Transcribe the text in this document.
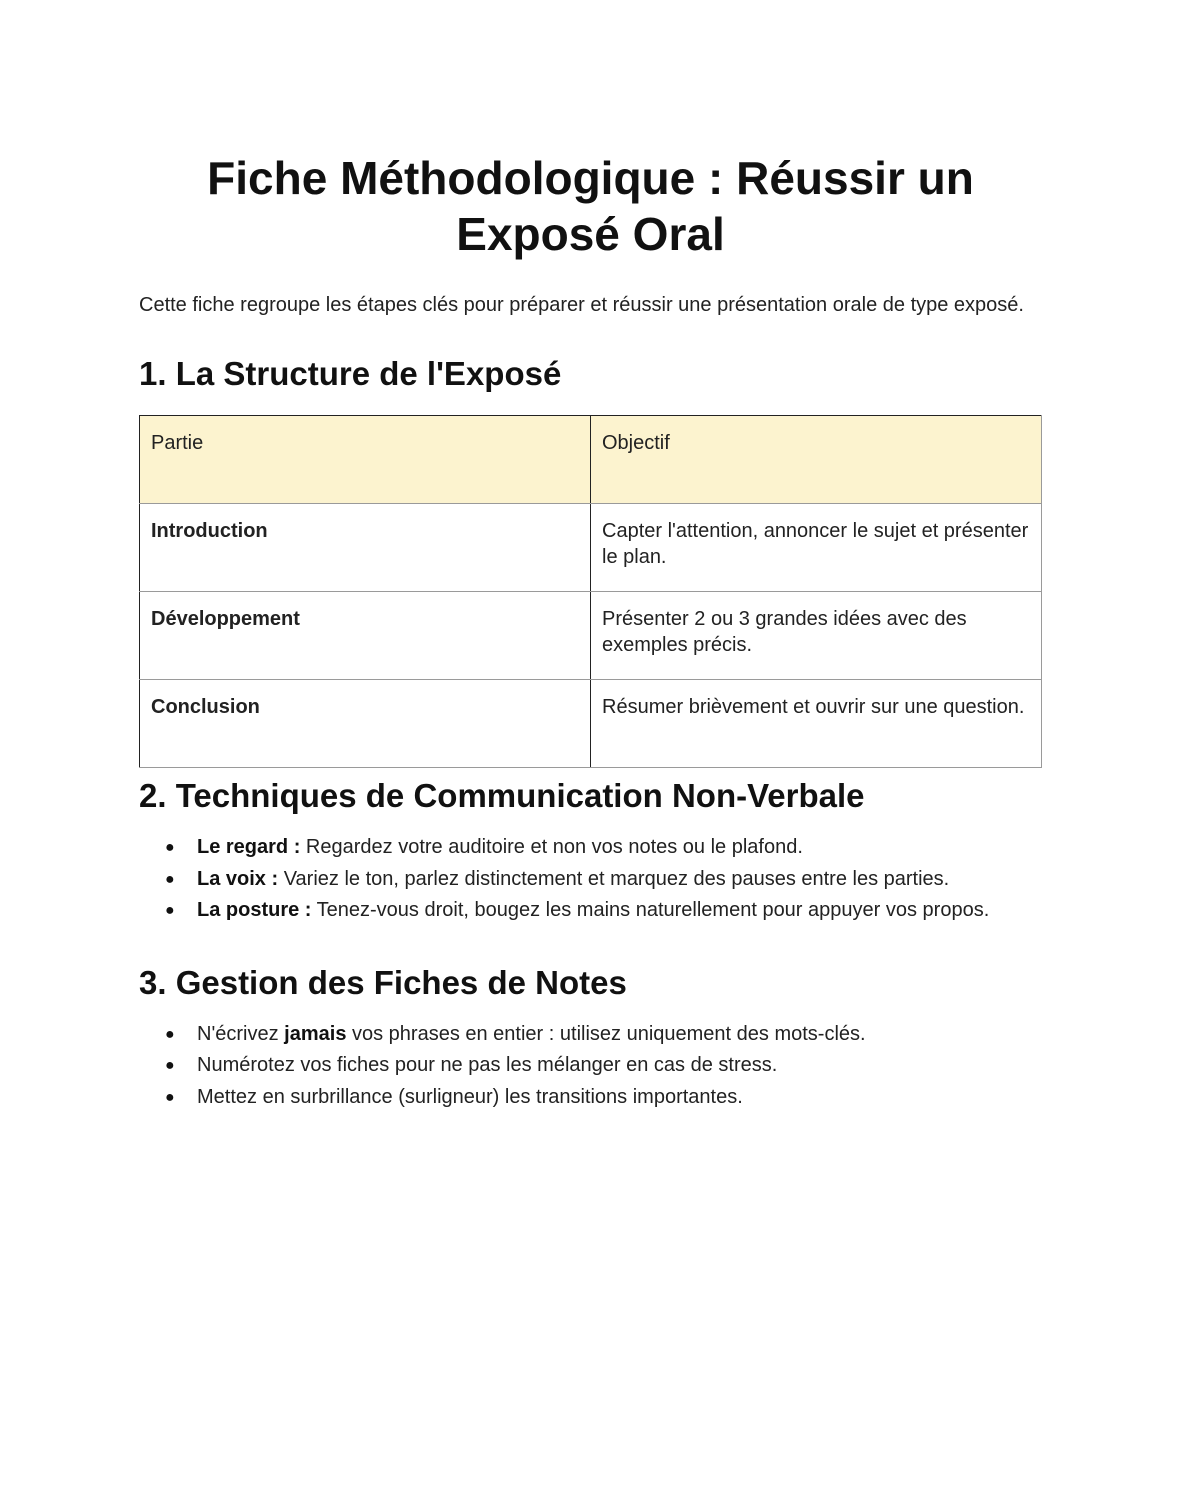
Fiche Méthodologique : Réussir un
Exposé Oral

Cette fiche regroupe les étapes clés pour préparer et réussir une présentation orale de type exposé.

1. La Structure de l'Exposé
Partie	Objectif
Introduction	Capter l'attention, annoncer le sujet et présenter le plan.
Développement	Présenter 2 ou 3 grandes idées avec des exemples précis.
Conclusion	Résumer brièvement et ouvrir sur une question.
2. Techniques de Communication Non-Verbale
● Le regard : Regardez votre auditoire et non vos notes ou le plafond.
● La voix : Variez le ton, parlez distinctement et marquez des pauses entre les parties.
● La posture : Tenez-vous droit, bougez les mains naturellement pour appuyer vos propos.
3. Gestion des Fiches de Notes
● N'écrivez jamais vos phrases en entier : utilisez uniquement des mots-clés.
● Numérotez vos fiches pour ne pas les mélanger en cas de stress.
● Mettez en surbrillance (surligneur) les transitions importantes.
